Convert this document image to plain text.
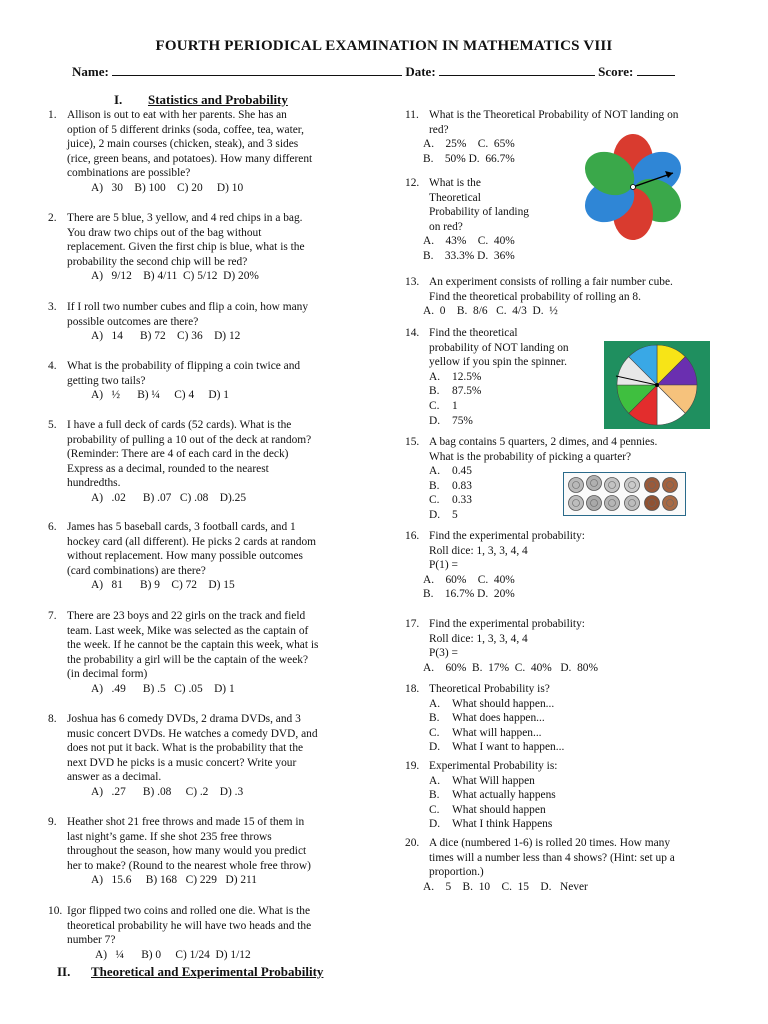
FOURTH PERIODICAL EXAMINATION IN MATHEMATICS VIII
Name:	Date:	Score:
I. Statistics and Probability
II. Theoretical and Experimental Probability
1. Allison is out to eat with her parents. She has an
option of 5 different drinks (soda, coffee, tea, water,
juice), 2 main courses (chicken, steak), and 3 sides
(rice, green beans, and potatoes). How many different
combinations are possible?
A)   30    B) 100    C) 20     D) 10
2. There are 5 blue, 3 yellow, and 4 red chips in a bag.
You draw two chips out of the bag without
replacement. Given the first chip is blue, what is the
probability the second chip will be red?
A)   9/12    B) 4/11  C) 5/12  D) 20%
3. If I roll two number cubes and flip a coin, how many
possible outcomes are there?
A)   14      B) 72    C) 36    D) 12
4. What is the probability of flipping a coin twice and
getting two tails?
A)   ½      B) ¼     C) 4     D) 1
5. I have a full deck of cards (52 cards). What is the
probability of pulling a 10 out of the deck at random?
(Reminder: There are 4 of each card in the deck)
Express as a decimal, rounded to the nearest
hundredths.
A)   .02      B) .07   C) .08    D).25
6. James has 5 baseball cards, 3 football cards, and 1
hockey card (all different). He picks 2 cards at random
without replacement. How many possible outcomes
(card combinations) are there?
A)   81      B) 9    C) 72    D) 15
7. There are 23 boys and 22 girls on the track and field
team. Last week, Mike was selected as the captain of
the week. If he cannot be the captain this week, what is
the probability a girl will be the captain of the week?
(in decimal form)
A)   .49      B) .5   C) .05    D) 1
8. Joshua has 6 comedy DVDs, 2 drama DVDs, and 3
music concert DVDs. He watches a comedy DVD, and
does not put it back. What is the probability that the
next DVD he picks is a music concert? Write your
answer as a decimal.
A)   .27      B) .08     C) .2    D) .3
9. Heather shot 21 free throws and made 15 of them in
last night’s game. If she shot 235 free throws
throughout the season, how many would you predict
her to make? (Round to the nearest whole free throw)
A)   15.6     B) 168   C) 229   D) 211
10. Igor flipped two coins and rolled one die. What is the
theoretical probability he will have two heads and the
number 7?
A)   ¼      B) 0     C) 1/24  D) 1/12
11. What is the Theoretical Probability of NOT landing on
red?
A.    25%    C.  65%
B.    50% D.  66.7%
12. What is the
Theoretical
Probability of landing
on red?
A.    43%    C.  40%
B.    33.3% D.  36%
13. An experiment consists of rolling a fair number cube.
Find the theoretical probability of rolling an 8.
A.  0    B.  8/6   C.  4/3  D.  ½
14. Find the theoretical
probability of NOT landing on
yellow if you spin the spinner.
A.	12.5%
B.	87.5%
C.	1
D.	75%
15. A bag contains 5 quarters, 2 dimes, and 4 pennies.
What is the probability of picking a quarter?
A.	0.45
B.	0.83
C.	0.33
D.	5
16. Find the experimental probability:
Roll dice: 1, 3, 3, 4, 4
P(1) =
A.    60%    C.  40%
B.    16.7% D.  20%
17. Find the experimental probability:
Roll dice: 1, 3, 3, 4, 4
P(3) =
A.    60%  B.  17%  C.  40%   D.  80%
18. Theoretical Probability is?
A.	What should happen...
B.	What does happen...
C.	What will happen...
D.	What I want to happen...
19. Experimental Probability is:
A.	What Will happen
B.	What actually happens
C.	What should happen
D.	What I think Happens
20. A dice (numbered 1-6) is rolled 20 times. How many
times will a number less than 4 shows? (Hint: set up a
proportion.)
A.    5    B.  10    C.  15    D.   Never
